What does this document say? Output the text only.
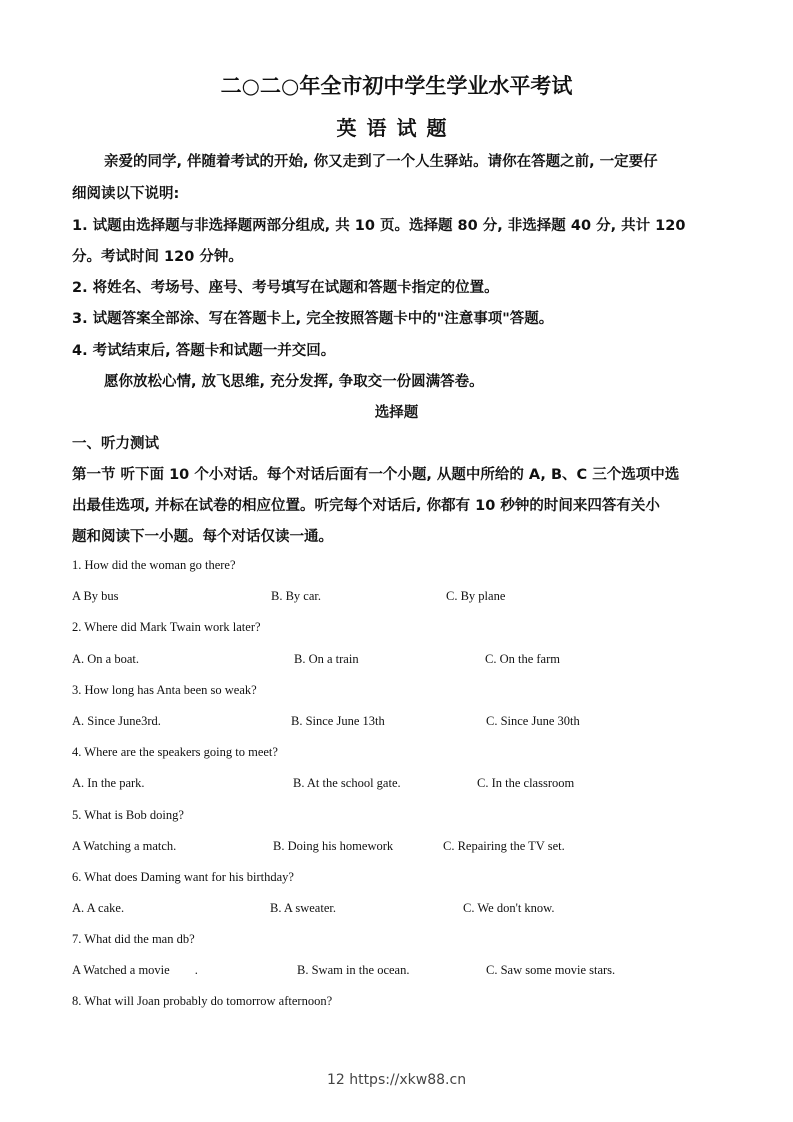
二○二○年全市初中学生学业水平考试
英语试题
亲爱的同学, 伴随着考试的开始, 你又走到了一个人生驿站。请你在答题之前, 一定要仔
细阅读以下说明:
1. 试题由选择题与非选择题两部分组成, 共 10 页。选择题 80 分, 非选择题 40 分, 共计 120
分。考试时间 120 分钟。
2. 将姓名、考场号、座号、考号填写在试题和答题卡指定的位置。
3. 试题答案全部涂、写在答题卡上, 完全按照答题卡中的"注意事项"答题。
4. 考试结束后, 答题卡和试题一并交回。
愿你放松心情, 放飞思维, 充分发挥, 争取交一份圆满答卷。
选择题
一、听力测试
第一节 听下面 10 个小对话。每个对话后面有一个小题, 从题中所给的 A, B、C 三个选项中选
出最佳选项, 并标在试卷的相应位置。听完每个对话后, 你都有 10 秒钟的时间来四答有关小
题和阅读下一小题。每个对话仅读一通。
1. How did the woman go there?
A By bus	B. By car.	C. By plane
2. Where did Mark Twain work later?
A. On a boat.	B. On a train	C. On the farm
3. How long has Anta been so weak?
A. Since June3rd.	B. Since June 13th	C. Since June 30th
4. Where are the speakers going to meet?
A. In the park.	B. At the school gate.	C. In the classroom
5. What is Bob doing?
A Watching a match.	B. Doing his homework	C. Repairing the TV set.
6. What does Daming want for his birthday?
A. A cake.	B. A sweater.	C. We don't know.
7. What did the man db?
A Watched a movie        .	B. Swam in the ocean.	C. Saw some movie stars.
8. What will Joan probably do tomorrow afternoon?
12 https://xkw88.cn
